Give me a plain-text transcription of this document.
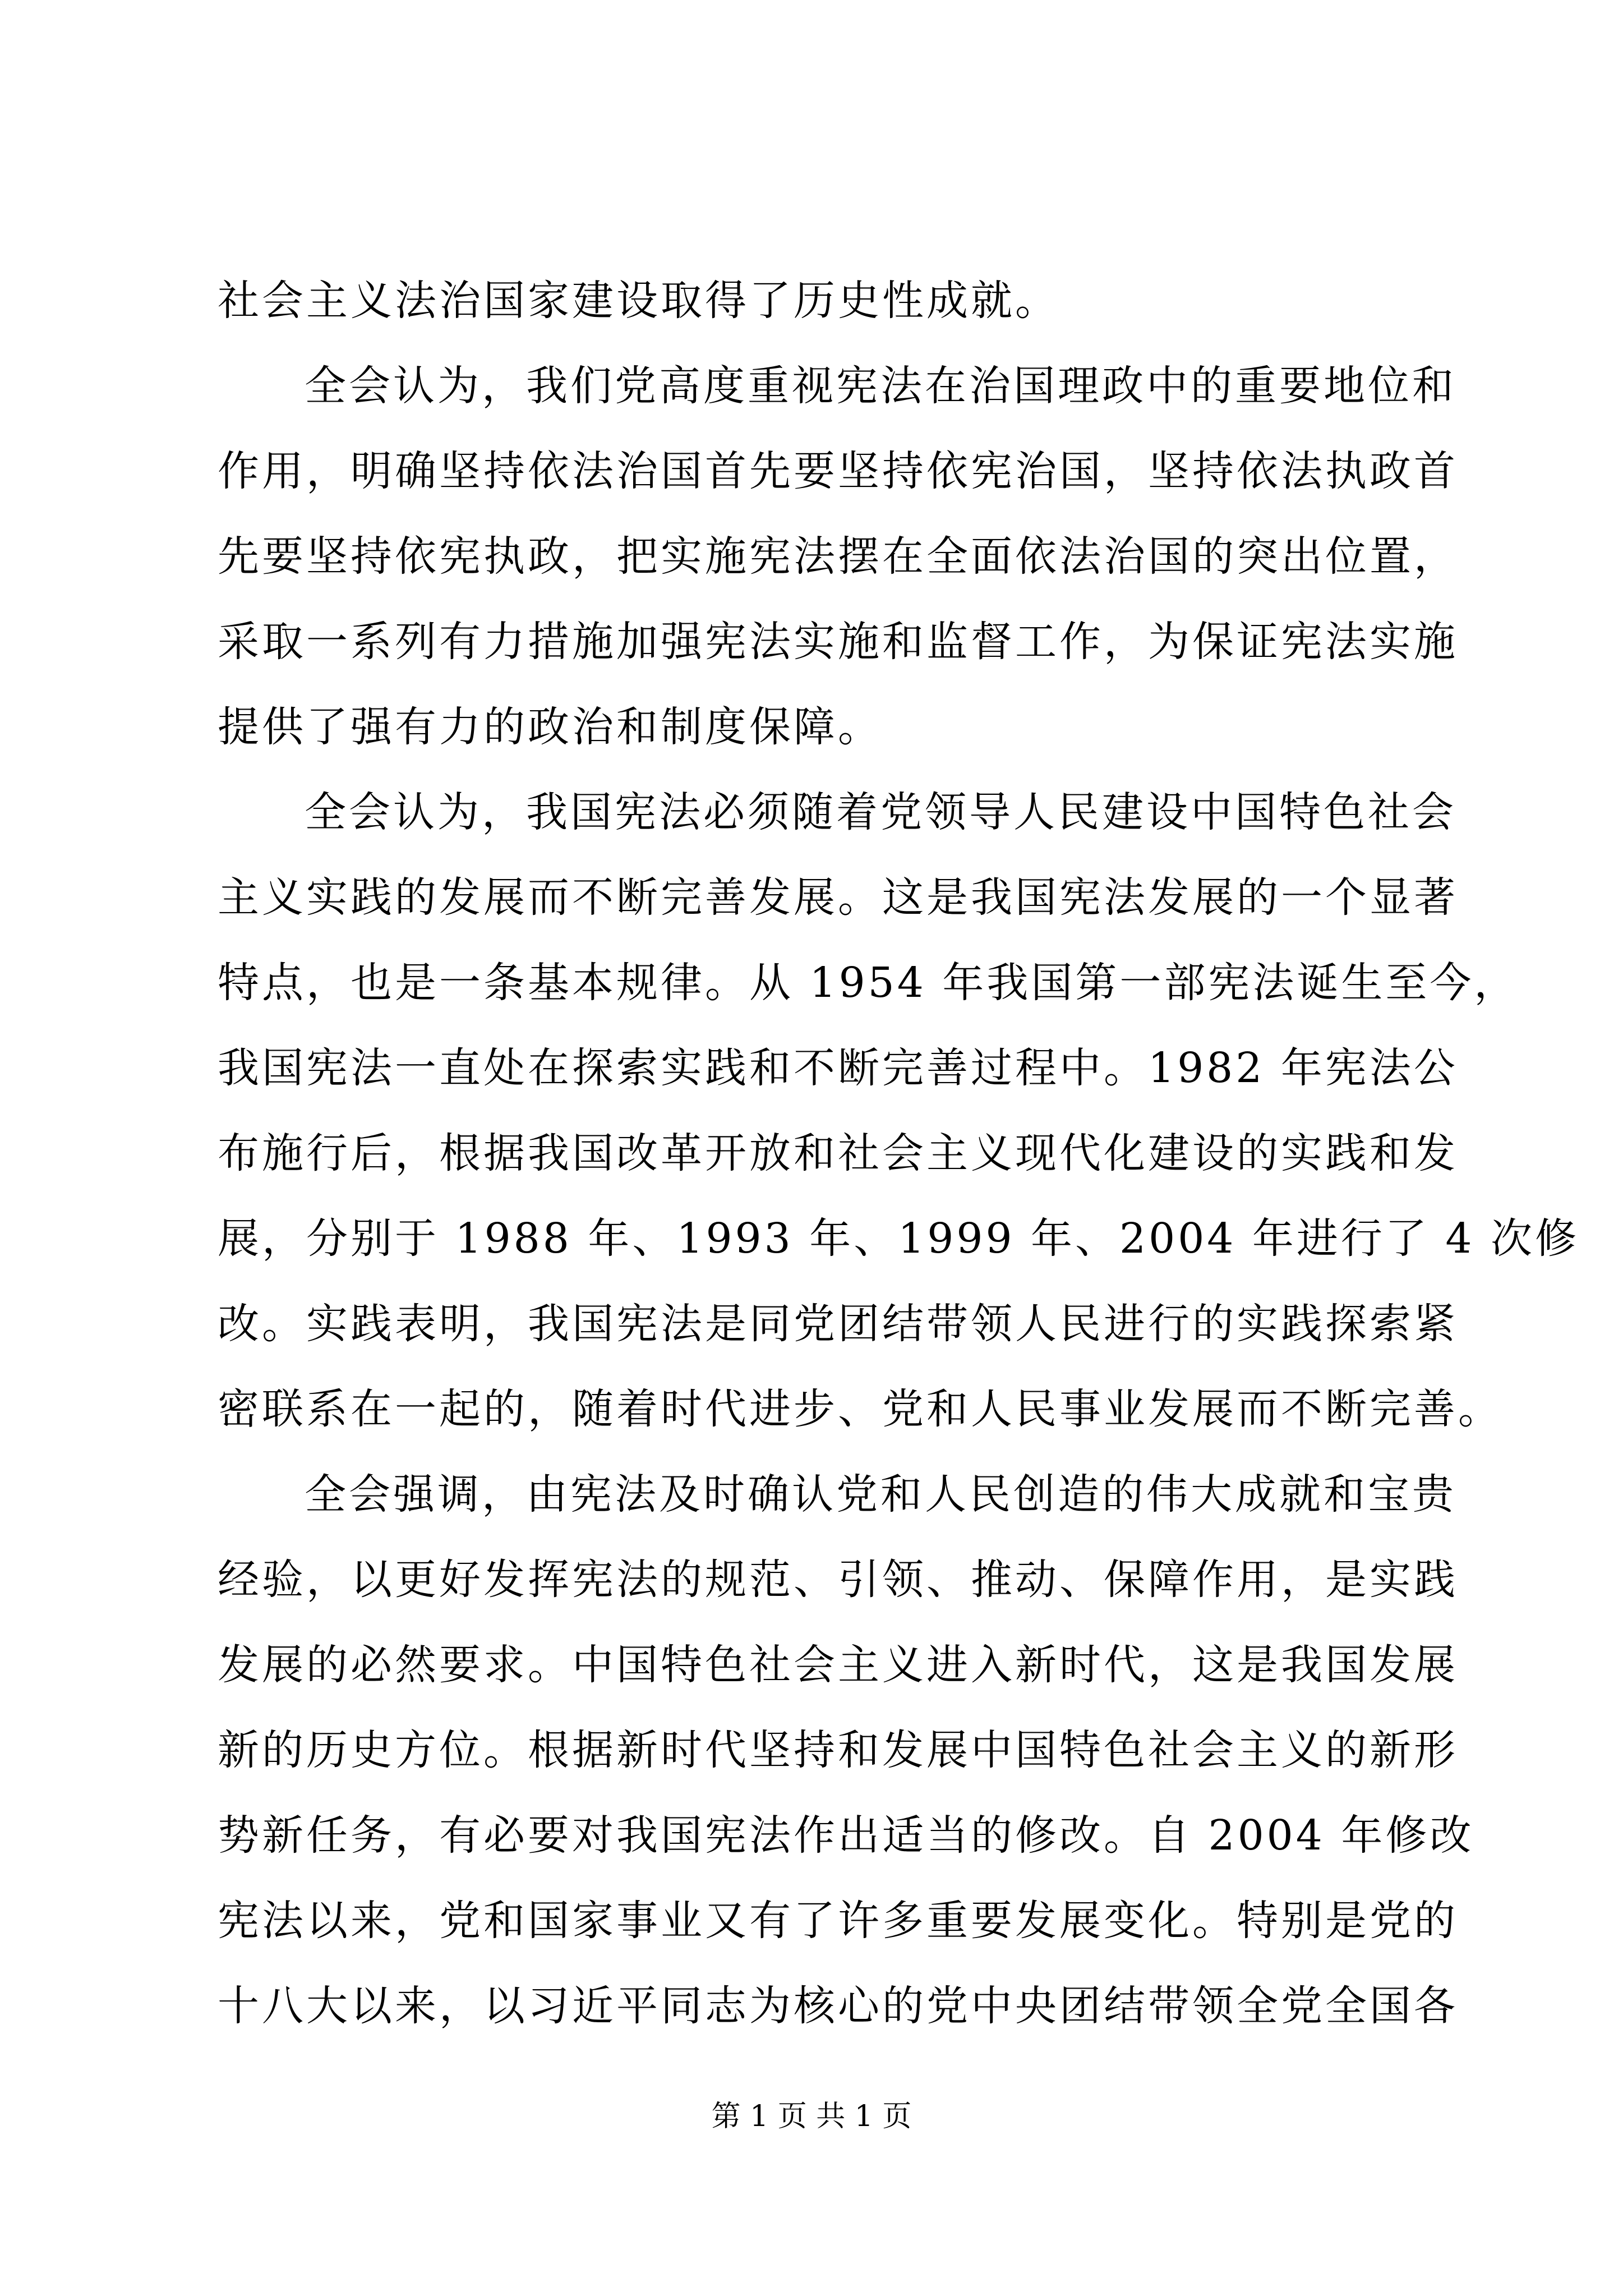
社会主义法治国家建设取得了历史性成就。
全会认为，我们党高度重视宪法在治国理政中的重要地位和
作用，明确坚持依法治国首先要坚持依宪治国，坚持依法执政首
先要坚持依宪执政，把实施宪法摆在全面依法治国的突出位置，
采取一系列有力措施加强宪法实施和监督工作，为保证宪法实施
提供了强有力的政治和制度保障。
全会认为，我国宪法必须随着党领导人民建设中国特色社会
主义实践的发展而不断完善发展。这是我国宪法发展的一个显著
特点，也是一条基本规律。从 1954 年我国第一部宪法诞生至今，
我国宪法一直处在探索实践和不断完善过程中。1982 年宪法公
布施行后，根据我国改革开放和社会主义现代化建设的实践和发
展，分别于 1988 年、1993 年、1999 年、2004 年进行了 4 次修
改。实践表明，我国宪法是同党团结带领人民进行的实践探索紧
密联系在一起的，随着时代进步、党和人民事业发展而不断完善。
全会强调，由宪法及时确认党和人民创造的伟大成就和宝贵
经验，以更好发挥宪法的规范、引领、推动、保障作用，是实践
发展的必然要求。中国特色社会主义进入新时代，这是我国发展
新的历史方位。根据新时代坚持和发展中国特色社会主义的新形
势新任务，有必要对我国宪法作出适当的修改。自 2004 年修改
宪法以来，党和国家事业又有了许多重要发展变化。特别是党的
十八大以来，以习近平同志为核心的党中央团结带领全党全国各
第 1 页 共 1 页
